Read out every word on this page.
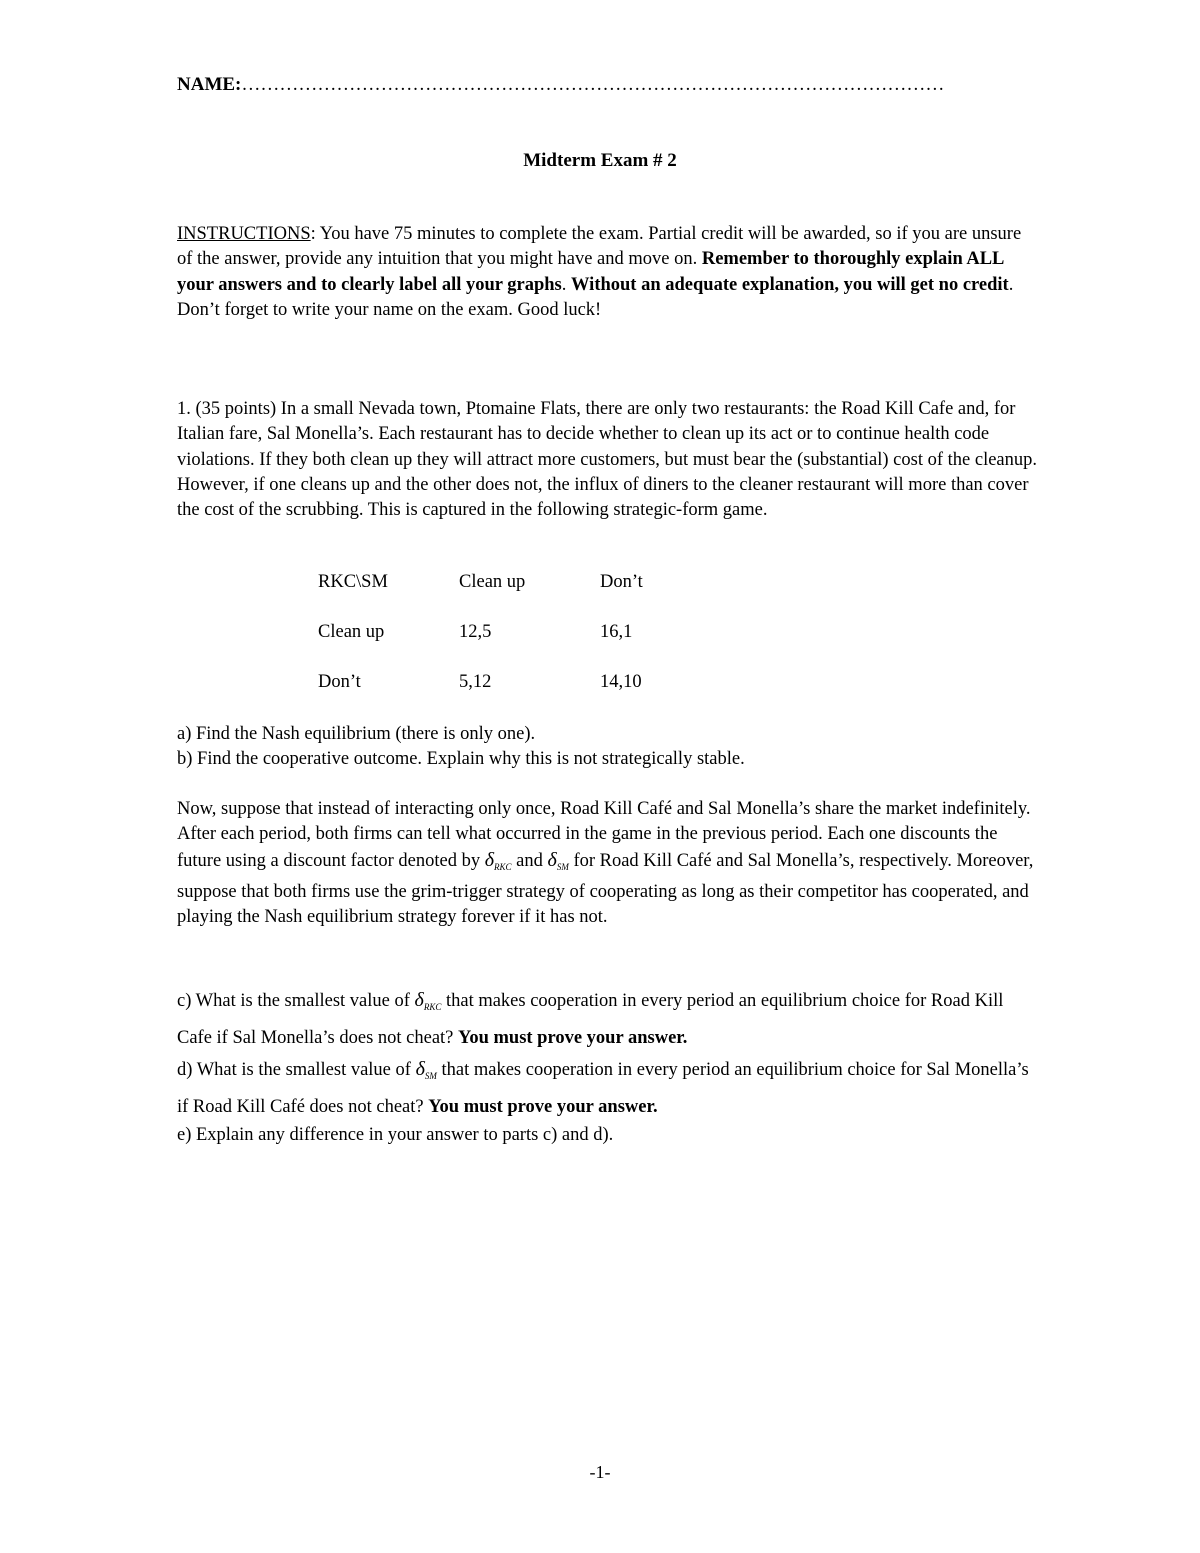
NAME:…………………………………………………………………………………………………
Midterm Exam # 2

INSTRUCTIONS: You have 75 minutes to complete the exam. Partial credit will be awarded, so if you are unsure of the answer, provide any intuition that you might have and move on. Remember to thoroughly explain ALL your answers and to clearly label all your graphs. Without an adequate explanation, you will get no credit. Don’t forget to write your name on the exam. Good luck!

1. (35 points) In a small Nevada town, Ptomaine Flats, there are only two restaurants: the Road Kill Cafe and, for Italian fare, Sal Monella’s. Each restaurant has to decide whether to clean up its act or to continue health code violations. If they both clean up they will attract more customers, but must bear the (substantial) cost of the cleanup. However, if one cleans up and the other does not, the influx of diners to the cleaner restaurant will more than cover the cost of the scrubbing. This is captured in the following strategic-form game.

RKC\SM	Clean up	Don’t
Clean up	12,5	16,1
Don’t	5,12	14,10

a) Find the Nash equilibrium (there is only one).

b) Find the cooperative outcome. Explain why this is not strategically stable.

Now, suppose that instead of interacting only once, Road Kill Café and Sal Monella’s share the market indefinitely. After each period, both firms can tell what occurred in the game in the previous period. Each one discounts the future using a discount factor denoted by $\delta_{RKC}$ and $\delta_{SM}$ for Road Kill Café and Sal Monella’s, respectively. Moreover, suppose that both firms use the grim-trigger strategy of cooperating as long as their competitor has cooperated, and playing the Nash equilibrium strategy forever if it has not.

c) What is the smallest value of $\delta_{RKC}$ that makes cooperation in every period an equilibrium choice for Road Kill Cafe if Sal Monella’s does not cheat? You must prove your answer.

d) What is the smallest value of $\delta_{SM}$ that makes cooperation in every period an equilibrium choice for Sal Monella’s if Road Kill Café does not cheat? You must prove your answer.

e) Explain any difference in your answer to parts c) and d).

-1-
